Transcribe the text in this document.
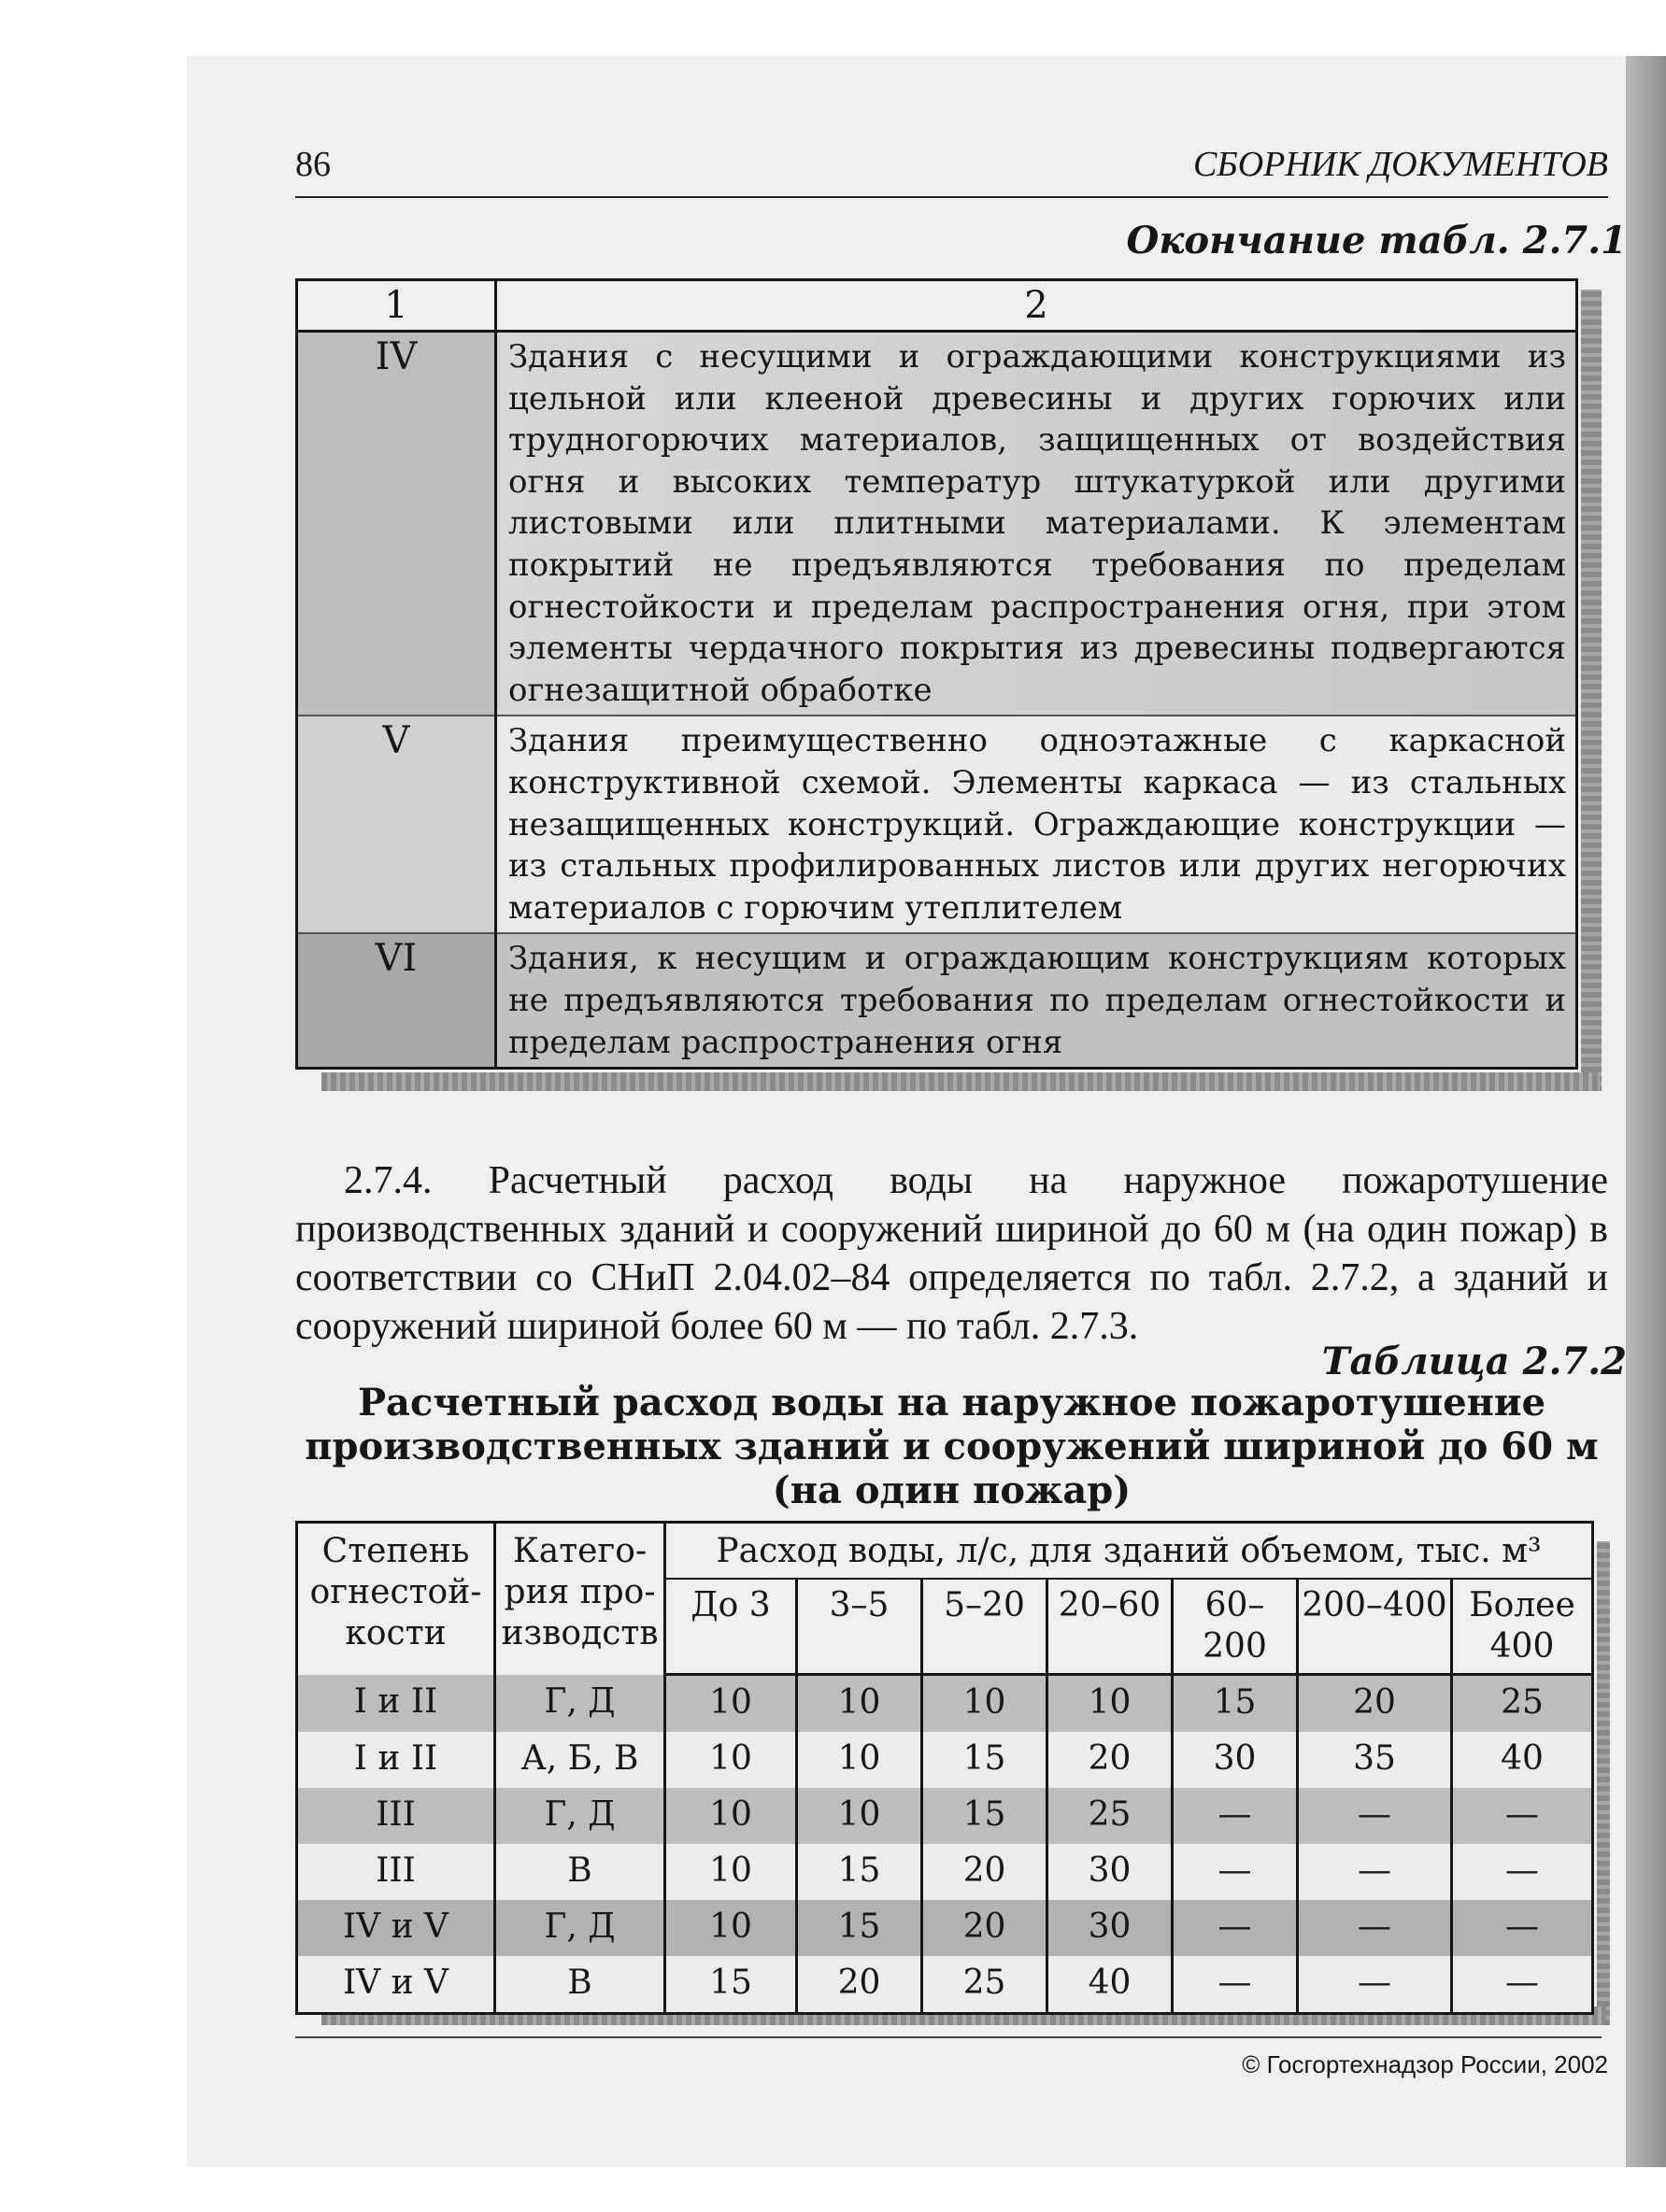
86	СБОРНИК ДОКУМЕНТОВ
Окончание табл. 2.7.1
1	2
IV	Здания с несущими и ограждающими конструкциями из цельной или клееной древесины и других горючих или трудногорючих материалов, защищенных от воздействия огня и высоких температур штукатуркой или другими листовыми или плитными материалами. К элементам покрытий не предъявляются требования по пределам огнестойкости и пределам распространения огня, при этом элементы чердачного покрытия из древесины подвергаются огнезащитной обработке
V	Здания преимущественно одноэтажные с каркасной конструктивной схемой. Элементы каркаса — из стальных незащищенных конструкций. Ограждающие конструкции — из стальных профилированных листов или других негорючих материалов с горючим утеплителем
VI	Здания, к несущим и ограждающим конструкциям которых не предъявляются требования по пределам огнестойкости и пределам распространения огня

2.7.4. Расчетный расход воды на наружное пожаротушение производственных зданий и сооружений шириной до 60 м (на один пожар) в соответствии со СНиП 2.04.02–84 определяется по табл. 2.7.2, а зданий и сооружений шириной более 60 м — по табл. 2.7.3.

Таблица 2.7.2
Расчетный расход воды на наружное пожаротушение производственных зданий и сооружений шириной до 60 м (на один пожар)
Степень огнестой-кости	Катего-рия про-изводств	Расход воды, л/с, для зданий объемом, тыс. м³						
		До 3	3–5	5–20	20–60	60–200	200–400	Более 400
I и II	Г, Д	10	10	10	10	15	20	25
I и II	А, Б, В	10	10	15	20	30	35	40
III	Г, Д	10	10	15	25	—	—	—
III	В	10	15	20	30	—	—	—
IV и V	Г, Д	10	15	20	30	—	—	—
IV и V	В	15	20	25	40	—	—	—
© Госгортехнадзор России, 2002
